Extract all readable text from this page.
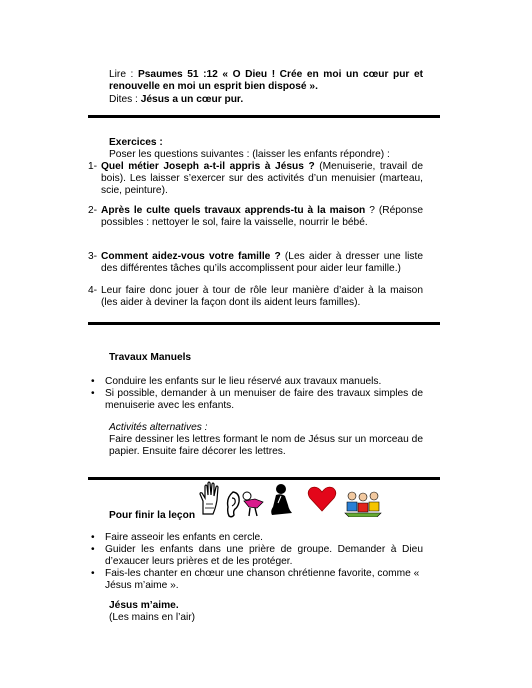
Lire : Psaumes 51 :12 « O Dieu ! Crée en moi un cœur pur et renouvelle en moi un esprit bien disposé ».
Dites : Jésus a un cœur pur.
Exercices :
Poser les questions suivantes : (laisser les enfants répondre) :
1- Quel métier Joseph a-t-il appris à Jésus ? (Menuiserie, travail de bois). Les laisser s’exercer sur des activités d’un menuisier (marteau, scie, peinture).
2- Après le culte quels travaux apprends-tu à la maison ? (Réponse possibles : nettoyer le sol, faire la vaisselle, nourrir le bébé.
3- Comment aidez-vous votre famille ? (Les aider à dresser une liste des différentes tâches qu’ils accomplissent pour aider leur famille.)
4- Leur faire donc jouer à tour de rôle leur manière d’aider à la maison (les aider à deviner la façon dont ils aident leurs familles).
Travaux Manuels
• Conduire les enfants sur le lieu réservé aux travaux manuels.
• Si possible, demander à un menuiser de faire des travaux simples de menuiserie avec les enfants.
Activités alternatives :
Faire dessiner les lettres formant le nom de Jésus sur un morceau de papier. Ensuite faire décorer les lettres.
Pour finir la leçon
• Faire asseoir les enfants en cercle.
• Guider les enfants dans une prière de groupe. Demander à Dieu d’exaucer leurs prières et de les protéger.
• Fais-les chanter en chœur une chanson chrétienne favorite, comme « Jésus m’aime ».
Jésus m’aime.
(Les mains en l’air)
